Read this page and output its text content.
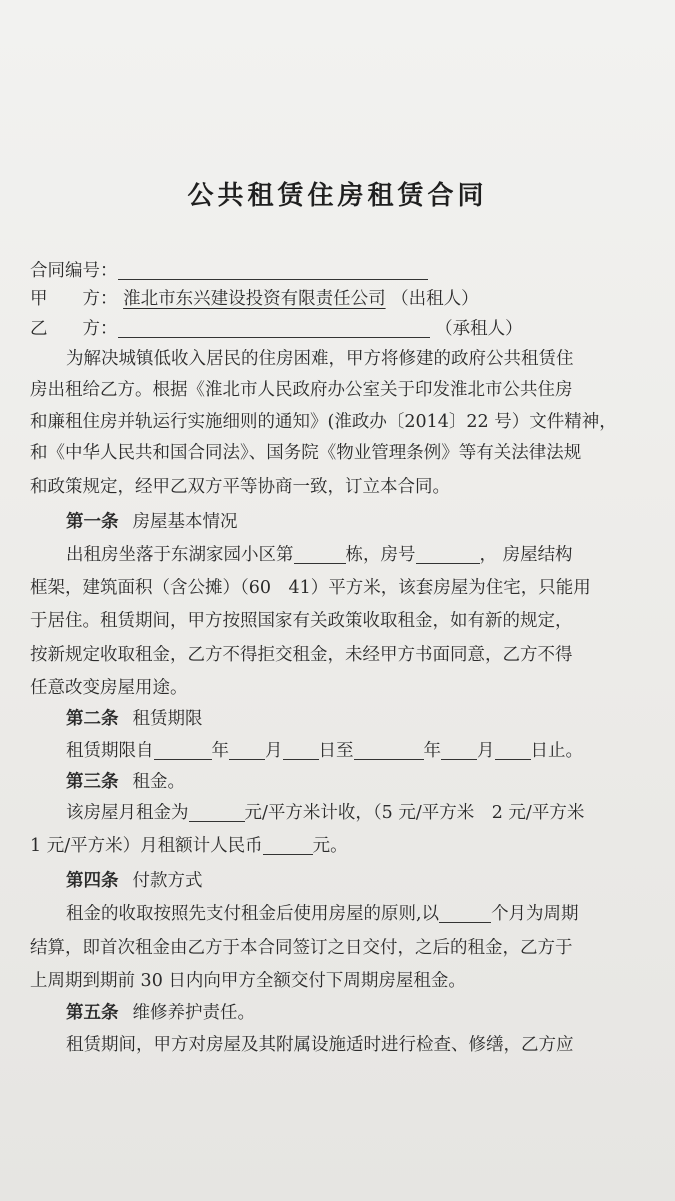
公共租赁住房租赁合同
合同编号：
甲　　方： 淮北市东兴建设投资有限责任公司 （出租人）
乙　　方：	（承租人）
为解决城镇低收入居民的住房困难，甲方将修建的政府公共租赁住
房出租给乙方。根据《淮北市人民政府办公室关于印发淮北市公共住房
和廉租住房并轨运行实施细则的通知》(淮政办〔2014〕22 号）文件精神，
和《中华人民共和国合同法》、国务院《物业管理条例》等有关法律法规
和政策规定，经甲乙双方平等协商一致，订立本合同。
第一条 房屋基本情况
出租房坐落于东湖家园小区第	栋，房号	， 房屋结构
框架，建筑面积（含公摊）（60　41）平方米，该套房屋为住宅，只能用
于居住。租赁期间，甲方按照国家有关政策收取租金，如有新的规定，
按新规定收取租金，乙方不得拒交租金，未经甲方书面同意，乙方不得
任意改变房屋用途。
第二条 租赁期限
租赁期限自	年 月 日至	年 月 日止。
第三条 租金。
该房屋月租金为	元/平方米计收，（5 元/平方米　2 元/平方米
1 元/平方米）月租额计人民币	元。
第四条 付款方式
租金的收取按照先支付租金后使用房屋的原则,以	个月为周期
结算，即首次租金由乙方于本合同签订之日交付，之后的租金，乙方于
上周期到期前 30 日内向甲方全额交付下周期房屋租金。
第五条 维修养护责任。
租赁期间，甲方对房屋及其附属设施适时进行检查、修缮，乙方应
